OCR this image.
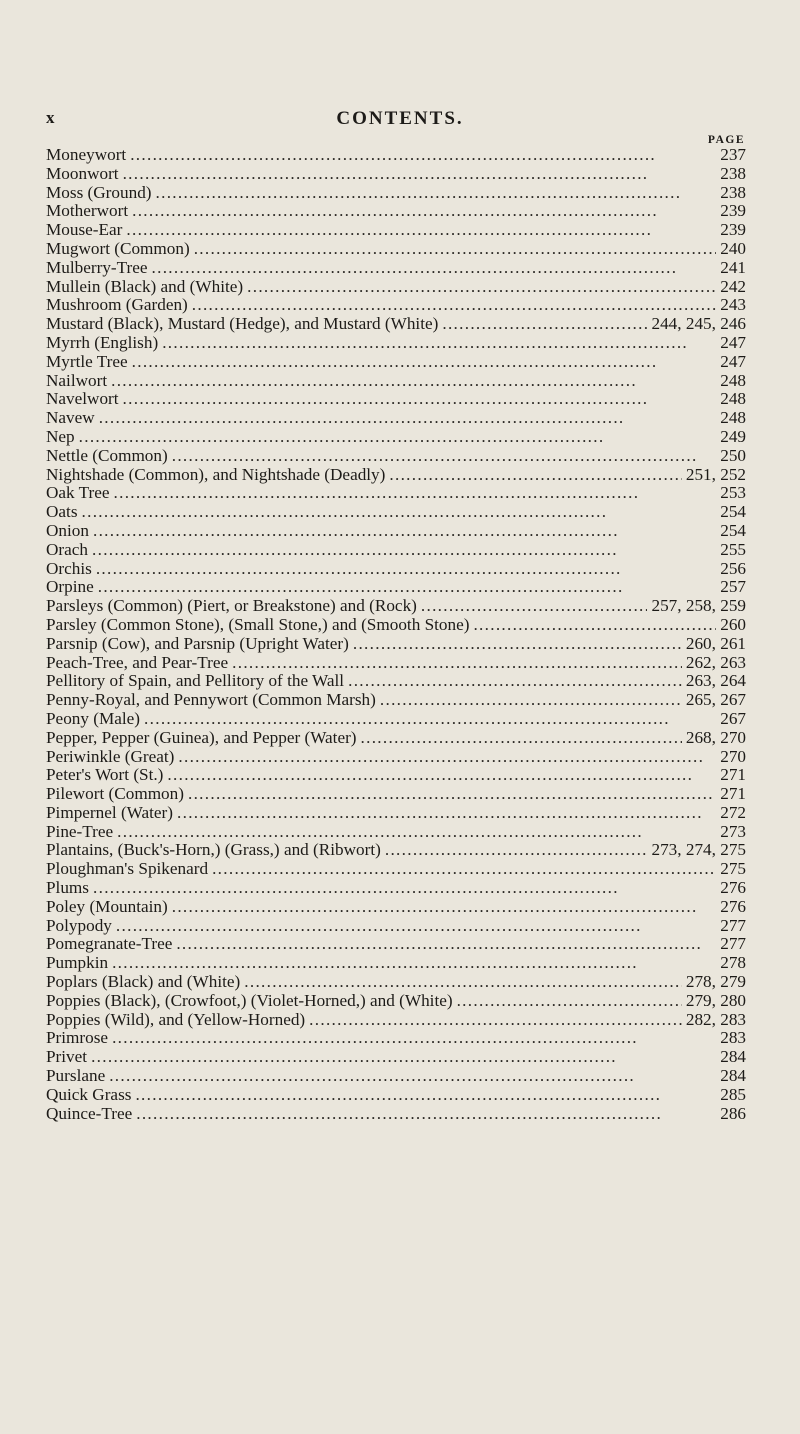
x	CONTENTS.
PAGE
Moneywort . . .	237
Moonwort . . .	238
Moss (Ground) . . .	238
Motherwort . . .	239
Mouse-Ear . . .	239
Mugwort (Common) . . .	240
Mulberry-Tree . . .	241
Mullein (Black) and (White) . . .	242
Mushroom (Garden) . . .	243
Mustard (Black), Mustard (Hedge), and Mustard (White) . . .	244, 245, 246
Myrrh (English) . . .	247
Myrtle Tree . . .	247
Nailwort . . .	248
Navelwort . . .	248
Navew . . .	248
Nep . . .	249
Nettle (Common) . . .	250
Nightshade (Common), and Nightshade (Deadly) . . .	251, 252
Oak Tree . . .	253
Oats . . .	254
Onion . . .	254
Orach . . .	255
Orchis . . .	256
Orpine . . .	257
Parsleys (Common) (Piert, or Breakstone) and (Rock) . . .	257, 258, 259
Parsley (Common Stone), (Small Stone,) and (Smooth Stone) . . .	260
Parsnip (Cow), and Parsnip (Upright Water) . . .	260, 261
Peach-Tree, and Pear-Tree . . .	262, 263
Pellitory of Spain, and Pellitory of the Wall . . .	263, 264
Penny-Royal, and Pennywort (Common Marsh) . . .	265, 267
Peony (Male) . . .	267
Pepper, Pepper (Guinea), and Pepper (Water) . . .	268, 270
Periwinkle (Great) . . .	270
Peter's Wort (St.) . . .	271
Pilewort (Common) . . .	271
Pimpernel (Water) . . .	272
Pine-Tree . . .	273
Plantains, (Buck's-Horn,) (Grass,) and (Ribwort) . . .	273, 274, 275
Ploughman's Spikenard . . .	275
Plums . . .	276
Poley (Mountain) . . .	276
Polypody . . .	277
Pomegranate-Tree . . .	277
Pumpkin . . .	278
Poplars (Black) and (White) . . .	278, 279
Poppies (Black), (Crowfoot,) (Violet-Horned,) and (White) . . .	279, 280
Poppies (Wild), and (Yellow-Horned) . . .	282, 283
Primrose . . .	283
Privet . . .	284
Purslane . . .	284
Quick Grass . . .	285
Quince-Tree . . .	286
